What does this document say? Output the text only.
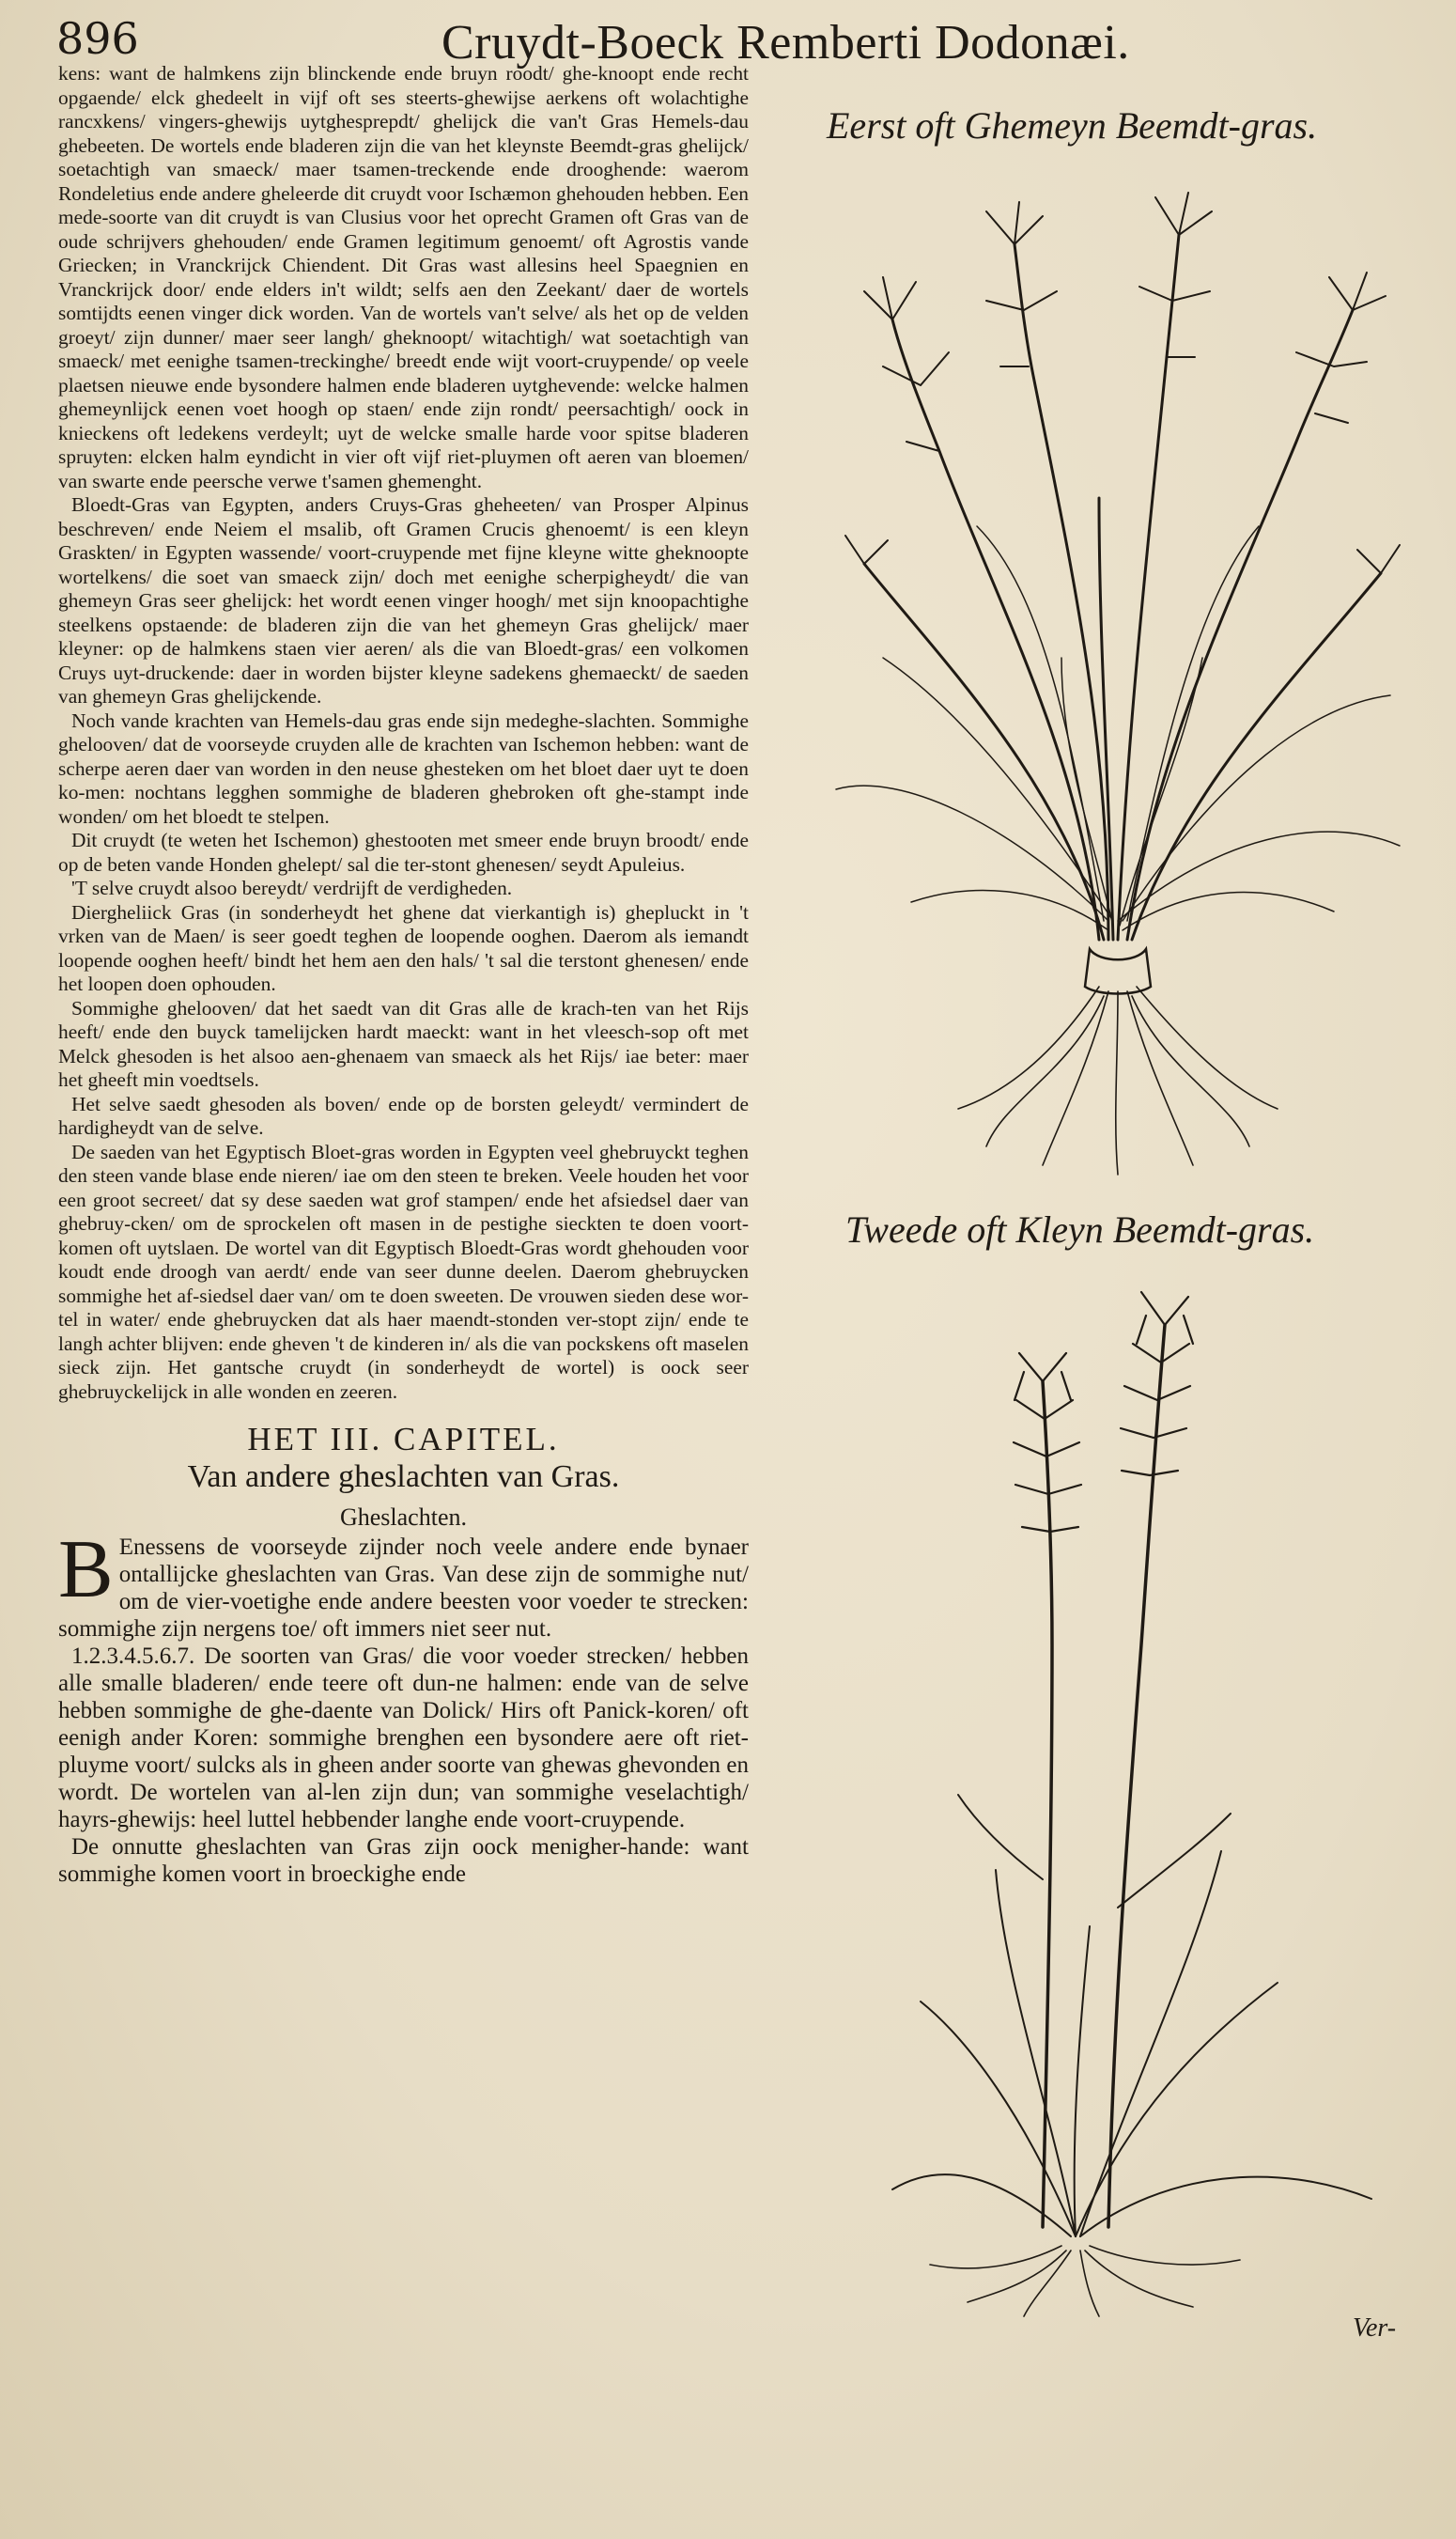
896	Cruydt-Boeck Remberti Dodonæi.

kens: want de halmkens zijn blinckende ende bruyn roodt/ ghe-knoopt ende recht opgaende/ elck ghedeelt in vijf oft ses steerts-ghewijse aerkens oft wolachtighe rancxkens/ vingers-ghewijs uytghesprepdt/ ghelijck die van't Gras Hemels-dau ghebeeten. De wortels ende bladeren zijn die van het kleynste Beemdt-gras ghelijck/ soetachtigh van smaeck/ maer tsamen-treckende ende drooghende: waerom Rondeletius ende andere gheleerde dit cruydt voor Ischæmon ghehouden hebben. Een mede-soorte van dit cruydt is van Clusius voor het oprecht Gramen oft Gras van de oude schrijvers ghehouden/ ende Gramen legitimum genoemt/ oft Agrostis vande Griecken; in Vranckrijck Chiendent. Dit Gras wast allesins heel Spaegnien en Vranckrijck door/ ende elders in't wildt; selfs aen den Zeekant/ daer de wortels somtijdts eenen vinger dick worden. Van de wortels van't selve/ als het op de velden groeyt/ zijn dunner/ maer seer langh/ gheknoopt/ witachtigh/ wat soetachtigh van smaeck/ met eenighe tsamen-treckinghe/ breedt ende wijt voort-cruypende/ op veele plaetsen nieuwe ende bysondere halmen ende bladeren uytghevende: welcke halmen ghemeynlijck eenen voet hoogh op staen/ ende zijn rondt/ peersachtigh/ oock in knieckens oft ledekens verdeylt; uyt de welcke smalle harde voor spitse bladeren spruyten: elcken halm eyndicht in vier oft vijf riet-pluymen oft aeren van bloemen/ van swarte ende peersche verwe t'samen ghemenght.

Bloedt-Gras van Egypten, anders Cruys-Gras gheheeten/ van Prosper Alpinus beschreven/ ende Neiem el msalib, oft Gramen Crucis ghenoemt/ is een kleyn Graskten/ in Egypten wassende/ voort-cruypende met fijne kleyne witte gheknoopte wortelkens/ die soet van smaeck zijn/ doch met eenighe scherpigheydt/ die van ghemeyn Gras seer ghelijck: het wordt eenen vinger hoogh/ met sijn knoopachtighe steelkens opstaende: de bladeren zijn die van het ghemeyn Gras ghelijck/ maer kleyner: op de halmkens staen vier aeren/ als die van Bloedt-gras/ een volkomen Cruys uyt-druckende: daer in worden bijster kleyne sadekens ghemaeckt/ de saeden van ghemeyn Gras ghelijckende.

Noch vande krachten van Hemels-dau gras ende sijn medeghe-slachten. Sommighe ghelooven/ dat de voorseyde cruyden alle de krachten van Ischemon hebben: want de scherpe aeren daer van worden in den neuse ghesteken om het bloet daer uyt te doen ko-men: nochtans legghen sommighe de bladeren ghebroken oft ghe-stampt inde wonden/ om het bloedt te stelpen.

Dit cruydt (te weten het Ischemon) ghestooten met smeer ende bruyn broodt/ ende op de beten vande Honden ghelept/ sal die ter-stont ghenesen/ seydt Apuleius.

'T selve cruydt alsoo bereydt/ verdrijft de verdigheden.

Diergheliick Gras (in sonderheydt het ghene dat vierkantigh is) ghepluckt in 't vrken van de Maen/ is seer goedt teghen de loopende ooghen. Daerom als iemandt loopende ooghen heeft/ bindt het hem aen den hals/ 't sal die terstont ghenesen/ ende het loopen doen ophouden.

Sommighe ghelooven/ dat het saedt van dit Gras alle de krach-ten van het Rijs heeft/ ende den buyck tamelijcken hardt maeckt: want in het vleesch-sop oft met Melck ghesoden is het alsoo aen-ghenaem van smaeck als het Rijs/ iae beter: maer het gheeft min voedtsels.

Het selve saedt ghesoden als boven/ ende op de borsten geleydt/ vermindert de hardigheydt van de selve.

De saeden van het Egyptisch Bloet-gras worden in Egypten veel ghebruyckt teghen den steen vande blase ende nieren/ iae om den steen te breken. Veele houden het voor een groot secreet/ dat sy dese saeden wat grof stampen/ ende het afsiedsel daer van ghebruy-cken/ om de sprockelen oft masen in de pestighe sieckten te doen voort-komen oft uytslaen. De wortel van dit Egyptisch Bloedt-Gras wordt ghehouden voor koudt ende droogh van aerdt/ ende van seer dunne deelen. Daerom ghebruycken sommighe het af-siedsel daer van/ om te doen sweeten. De vrouwen sieden dese wor-tel in water/ ende ghebruycken dat als haer maendt-stonden ver-stopt zijn/ ende te langh achter blijven: ende gheven 't de kinderen in/ als die van pockskens oft maselen sieck zijn. Het gantsche cruydt (in sonderheydt de wortel) is oock seer ghebruyckelijck in alle wonden en zeeren.

HET III. CAPITEL.
Van andere gheslachten van Gras.
Gheslachten.

B Enessens de voorseyde zijnder noch veele andere ende bynaer ontallijcke gheslachten van Gras. Van dese zijn de sommighe nut/ om de vier-voetighe ende andere beesten voor voeder te strecken: sommighe zijn nergens toe/ oft immers niet seer nut.

1.2.3.4.5.6.7. De soorten van Gras/ die voor voeder strecken/ hebben alle smalle bladeren/ ende teere oft dun-ne halmen: ende van de selve hebben sommighe de ghe-daente van Dolick/ Hirs oft Panick-koren/ oft eenigh ander Koren: sommighe brenghen een bysondere aere oft riet-pluyme voort/ sulcks als in gheen ander soorte van ghewas ghevonden en wordt. De wortelen van al-len zijn dun; van sommighe veselachtigh/ hayrs-ghewijs: heel luttel hebbender langhe ende voort-cruypende.

De onnutte gheslachten van Gras zijn oock menigher-hande: want sommighe komen voort in broeckighe ende

Eerst oft Ghemeyn Beemdt-gras.
Tweede oft Kleyn Beemdt-gras.
Ver-
